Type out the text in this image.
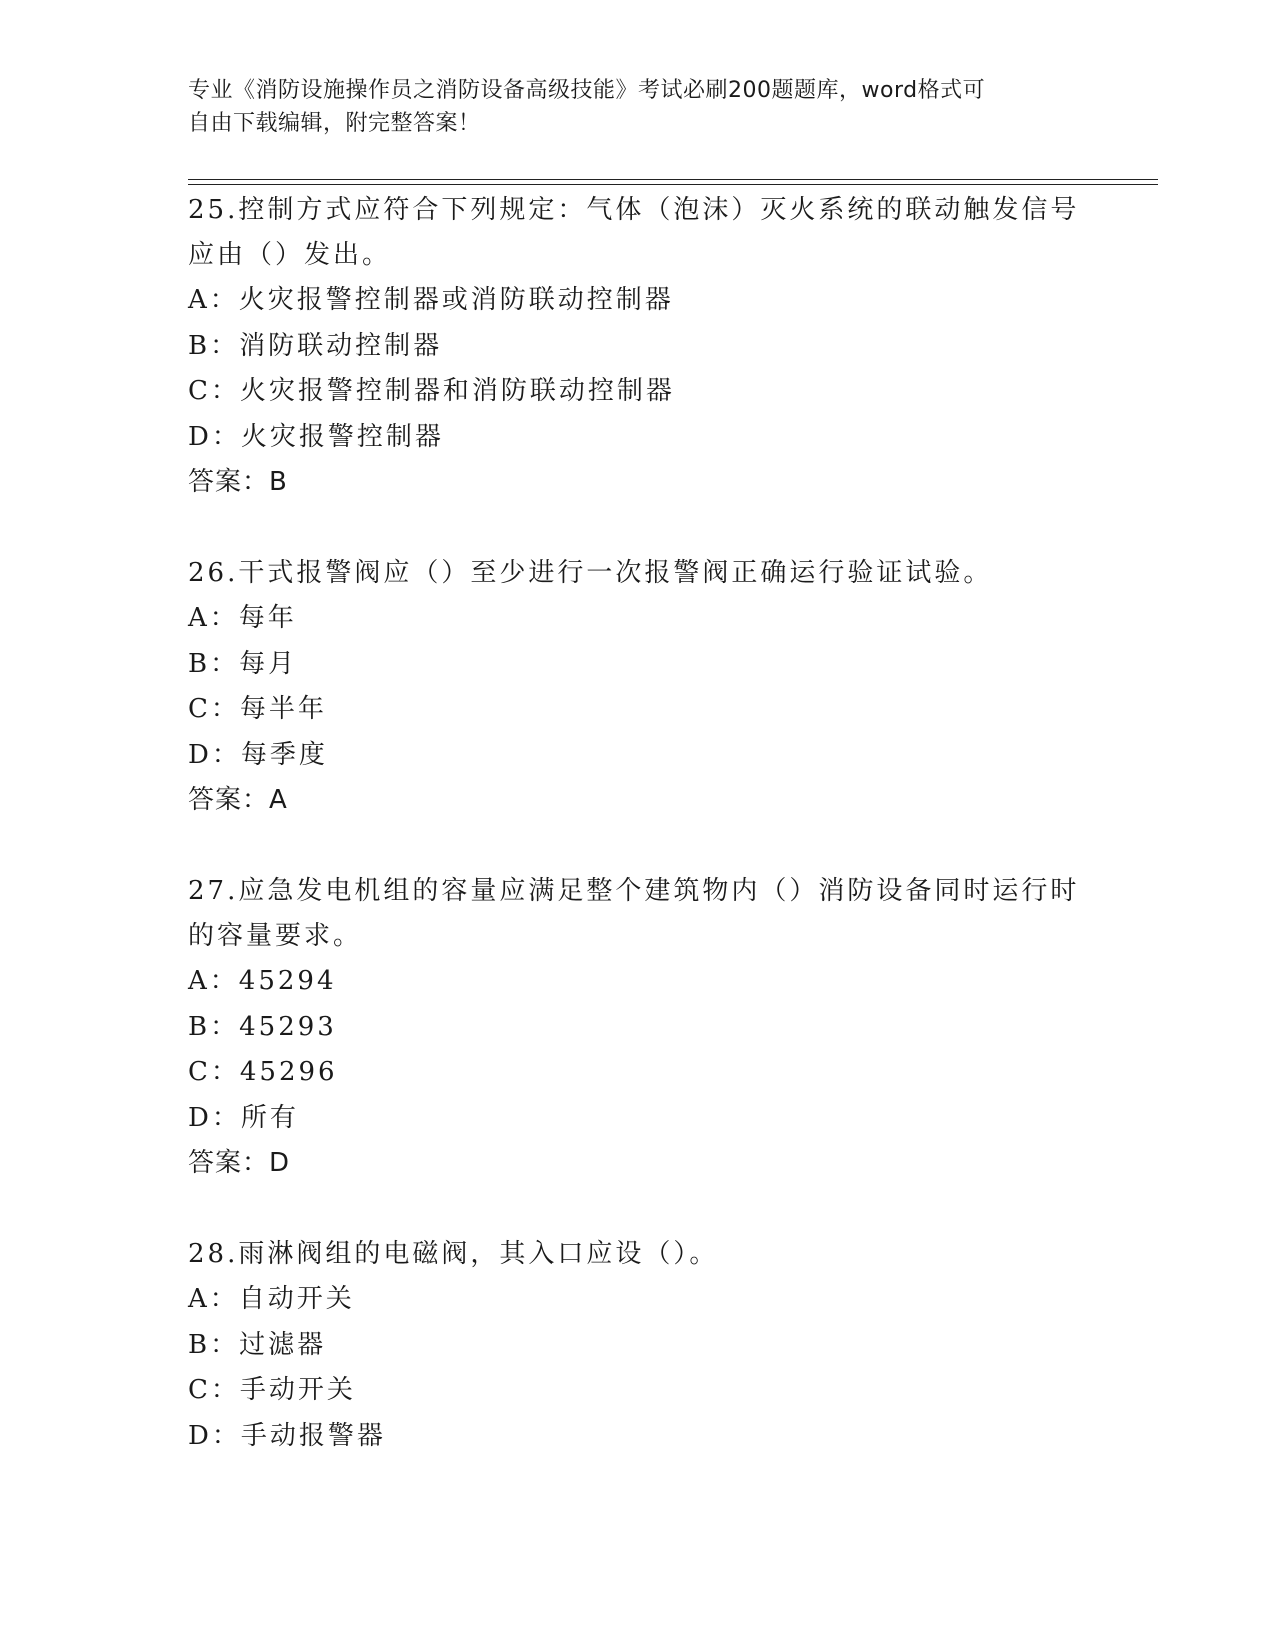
专业《消防设施操作员之消防设备高级技能》考试必刷200题题库，word格式可
自由下载编辑，附完整答案！

25.控制方式应符合下列规定：气体（泡沫）灭火系统的联动触发信号

应由（）发出。

A：火灾报警控制器或消防联动控制器

B：消防联动控制器

C：火灾报警控制器和消防联动控制器

D：火灾报警控制器

答案：B

26.干式报警阀应（）至少进行一次报警阀正确运行验证试验。

A：每年

B：每月

C：每半年

D：每季度

答案：A

27.应急发电机组的容量应满足整个建筑物内（）消防设备同时运行时

的容量要求。

A：45294

B：45293

C：45296

D：所有

答案：D

28.雨淋阀组的电磁阀，其入口应设（）。

A：自动开关

B：过滤器

C：手动开关

D：手动报警器
